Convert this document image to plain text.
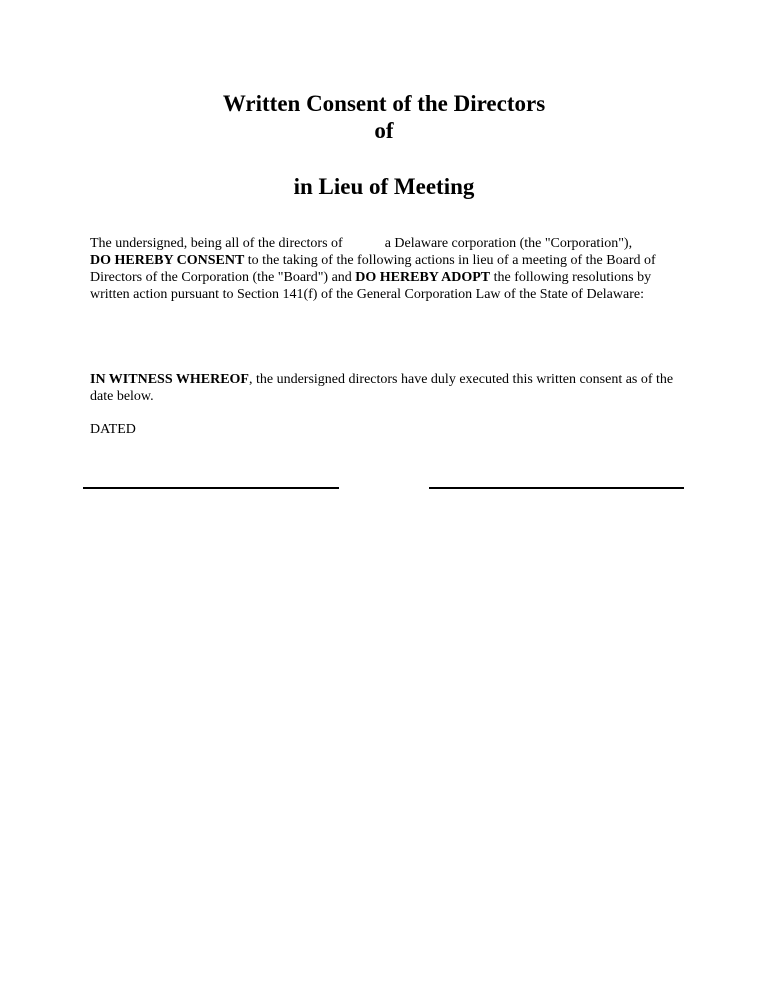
Written Consent of the Directors
of
in Lieu of Meeting

The undersigned, being all of the directors of	a Delaware corporation (the "Corporation"),
DO HEREBY CONSENT to the taking of the following actions in lieu of a meeting of the Board of Directors of the Corporation (the "Board") and DO HEREBY ADOPT the following resolutions by written action pursuant to Section 141(f) of the General Corporation Law of the State of Delaware:

IN WITNESS WHEREOF, the undersigned directors have duly executed this written consent as of the date below.

DATED
